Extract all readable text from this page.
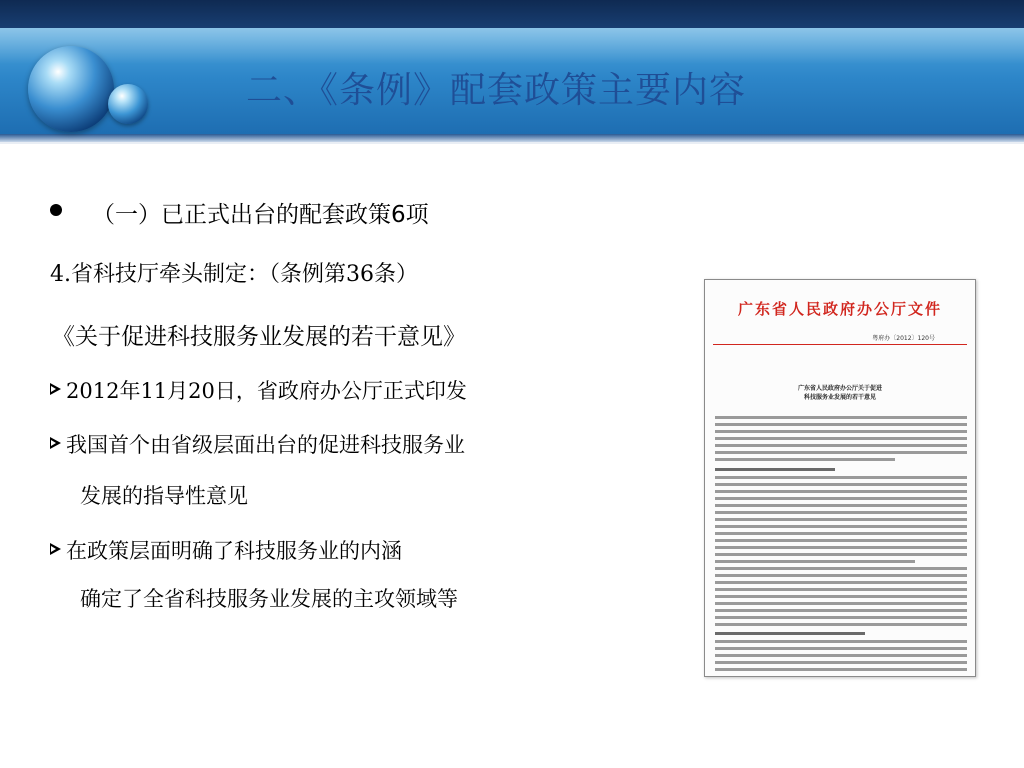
二、《条例》配套政策主要内容

（一）已正式出台的配套政策6项

4.省科技厅牵头制定：（条例第36条）

《关于促进科技服务业发展的若干意见》

2012年11月20日，省政府办公厅正式印发

我国首个由省级层面出台的促进科技服务业

发展的指导性意见

在政策层面明确了科技服务业的内涵

确定了全省科技服务业发展的主攻领域等

广东省人民政府办公厅文件

粤府办〔2012〕120号
广东省人民政府办公厅关于促进
科技服务业发展的若干意见
